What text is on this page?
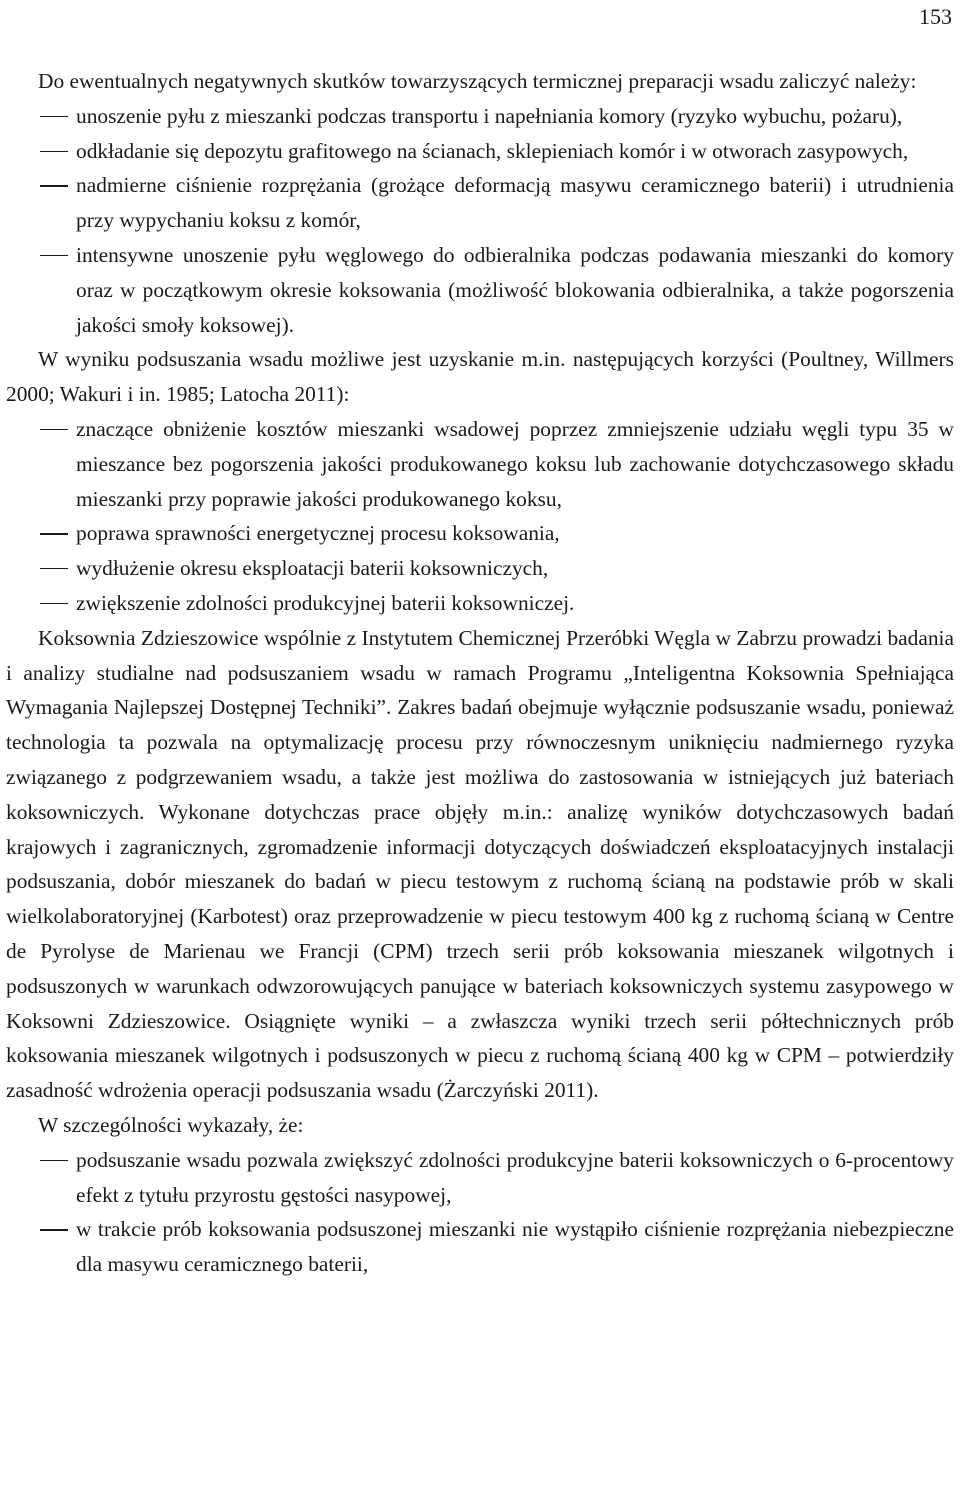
153

Do ewentualnych negatywnych skutków towarzyszących termicznej preparacji wsadu zaliczyć należy:

unoszenie pyłu z mieszanki podczas transportu i napełniania komory (ryzyko wybuchu, pożaru),
odkładanie się depozytu grafitowego na ścianach, sklepieniach komór i w otworach zasypowych,
nadmierne ciśnienie rozprężania (grożące deformacją masywu ceramicznego baterii) i utrudnienia przy wypychaniu koksu z komór,
intensywne unoszenie pyłu węglowego do odbieralnika podczas podawania mieszanki do komory oraz w początkowym okresie koksowania (możliwość blokowania odbieralnika, a także pogorszenia jakości smoły koksowej).

W wyniku podsuszania wsadu możliwe jest uzyskanie m.in. następujących korzyści (Poultney, Willmers 2000; Wakuri i in. 1985; Latocha 2011):

znaczące obniżenie kosztów mieszanki wsadowej poprzez zmniejszenie udziału węgli typu 35 w mieszance bez pogorszenia jakości produkowanego koksu lub zachowanie dotychczasowego składu mieszanki przy poprawie jakości produkowanego koksu,
poprawa sprawności energetycznej procesu koksowania,
wydłużenie okresu eksploatacji baterii koksowniczych,
zwiększenie zdolności produkcyjnej baterii koksowniczej.

Koksownia Zdzieszowice wspólnie z Instytutem Chemicznej Przeróbki Węgla w Zabrzu prowadzi badania i analizy studialne nad podsuszaniem wsadu w ramach Programu „Inteligentna Koksownia Spełniająca Wymagania Najlepszej Dostępnej Techniki”. Zakres badań obejmuje wyłącznie podsuszanie wsadu, ponieważ technologia ta pozwala na optymalizację procesu przy równoczesnym uniknięciu nadmiernego ryzyka związanego z podgrzewaniem wsadu, a także jest możliwa do zastosowania w istniejących już bateriach koksowniczych. Wykonane dotychczas prace objęły m.in.: analizę wyników dotychczasowych badań krajowych i zagranicznych, zgromadzenie informacji dotyczących doświadczeń eksploatacyjnych instalacji podsuszania, dobór mieszanek do badań w piecu testowym z ruchomą ścianą na podstawie prób w skali wielkolaboratoryjnej (Karbotest) oraz przeprowadzenie w piecu testowym 400 kg z ruchomą ścianą w Centre de Pyrolyse de Marienau we Francji (CPM) trzech serii prób koksowania mieszanek wilgotnych i podsuszonych w warunkach odwzorowujących panujące w bateriach koksowniczych systemu zasypowego w Koksowni Zdzieszowice. Osiągnięte wyniki – a zwłaszcza wyniki trzech serii półtechnicznych prób koksowania mieszanek wilgotnych i podsuszonych w piecu z ruchomą ścianą 400 kg w CPM – potwierdziły zasadność wdrożenia operacji podsuszania wsadu (Żarczyński 2011).

W szczególności wykazały, że:

podsuszanie wsadu pozwala zwiększyć zdolności produkcyjne baterii koksowniczych o 6-procentowy efekt z tytułu przyrostu gęstości nasypowej,
w trakcie prób koksowania podsuszonej mieszanki nie wystąpiło ciśnienie rozprężania niebezpieczne dla masywu ceramicznego baterii,
